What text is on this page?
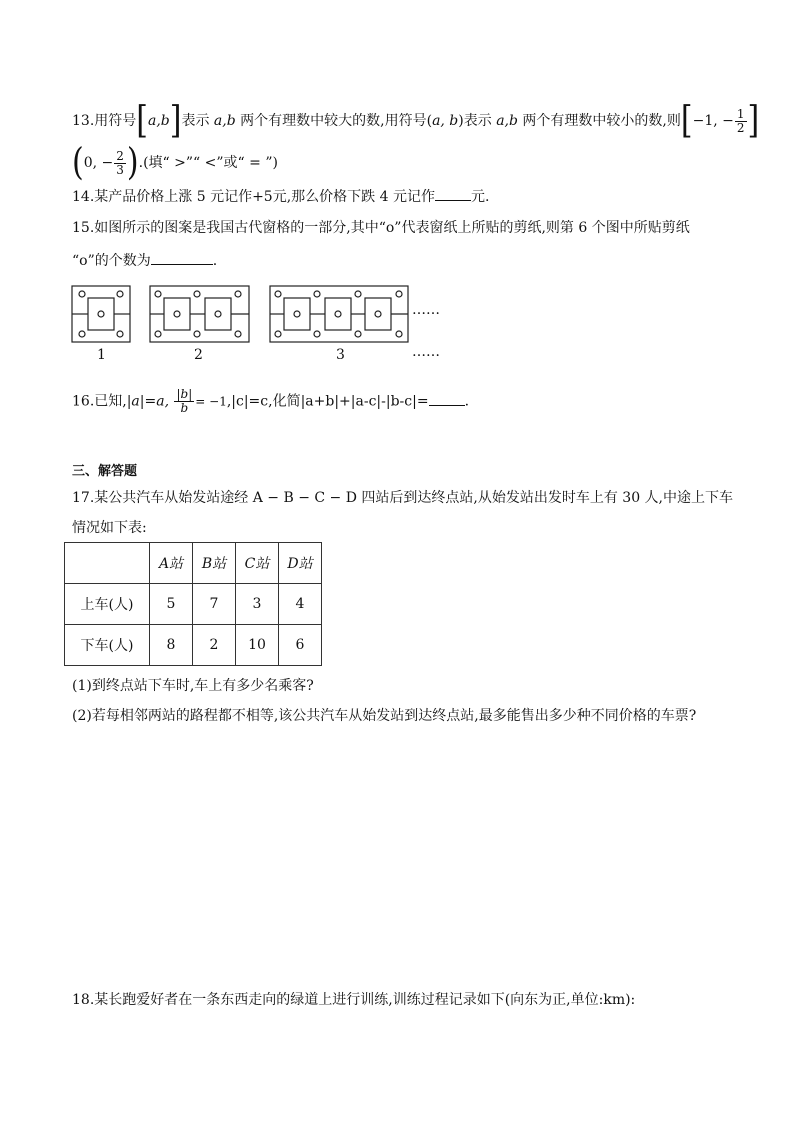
13.用符号[a,b]表示 a,b 两个有理数中较大的数,用符号(a, b)表示 a,b 两个有理数中较小的数,则[−1, − $\frac{1}{2}$ ]
(0, − $\frac{2}{3}$ ).(填“ >”“ <”或“ = ”)
14.某产品价格上涨 5 元记作+5元,那么价格下跌 4 元记作	元.
15.如图所示的图案是我国古代窗格的一部分,其中“o”代表窗纸上所贴的剪纸,则第 6 个图中所贴剪纸
“o”的个数为	.
……
1	2	3	……
16.已知,|a|=a, $\frac{|b|}{b} = -1,|c|=c$,化简|a+b|+|a-c|-|b-c|=	.
三、解答题
17.某公共汽车从始发站途经 A − B − C − D 四站后到达终点站,从始发站出发时车上有 30 人,中途上下车
情况如下表:
	A站	B站	C站	D站
上车(人)	5	7	3	4
下车(人)	8	2	10	6
(1)到终点站下车时,车上有多少名乘客?
(2)若每相邻两站的路程都不相等,该公共汽车从始发站到达终点站,最多能售出多少种不同价格的车票?
18.某长跑爱好者在一条东西走向的绿道上进行训练,训练过程记录如下(向东为正,单位:km):
